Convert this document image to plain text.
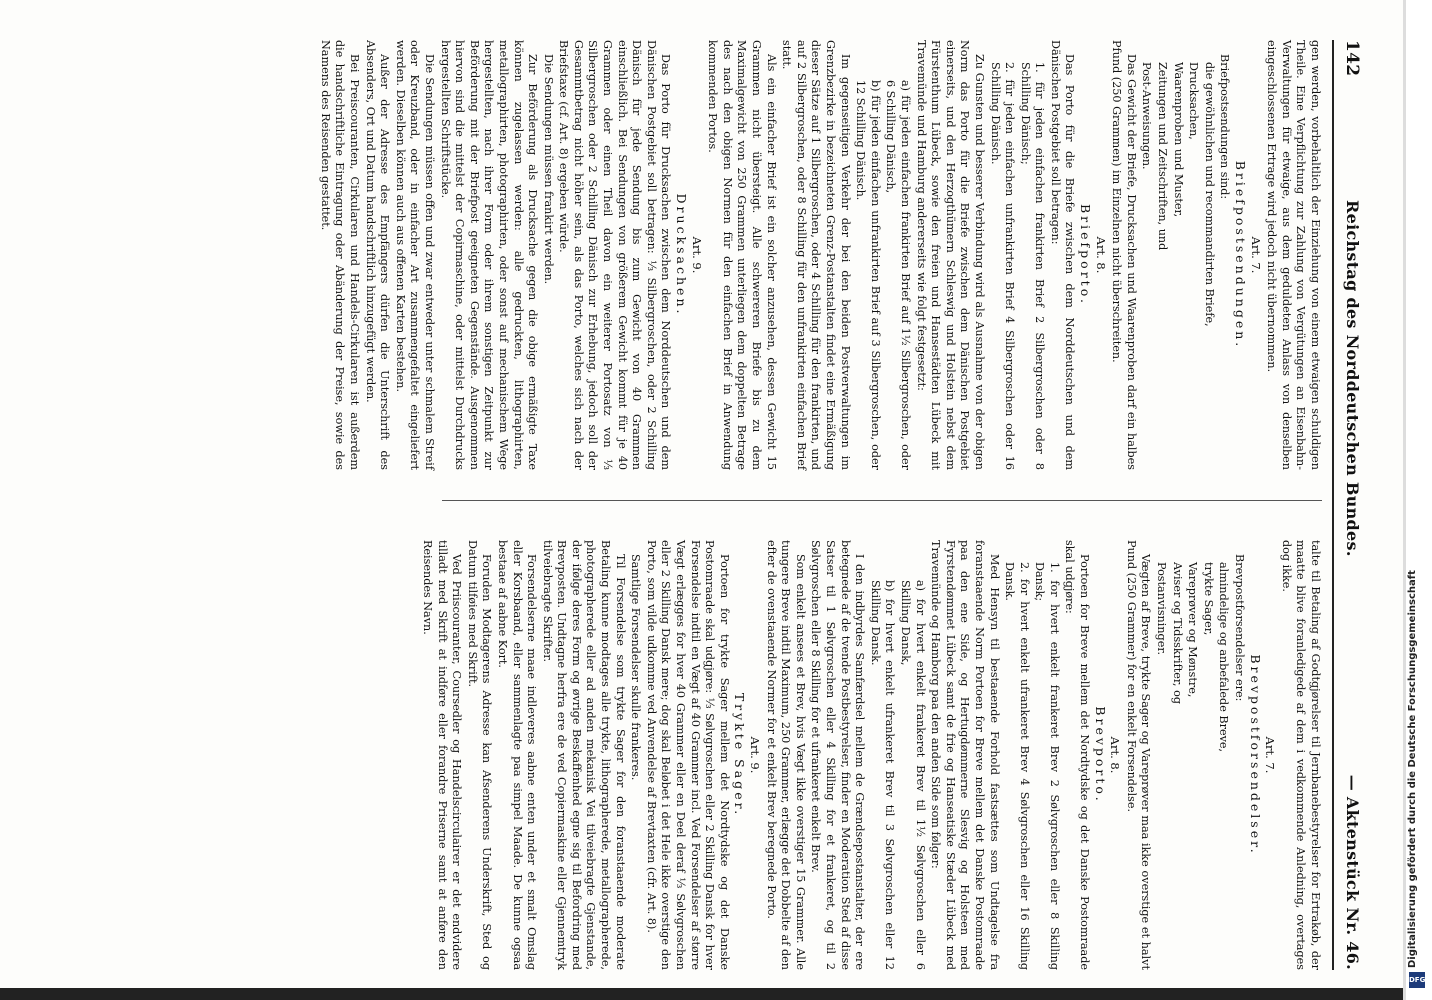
142
Reichstag des Norddeutschen Bundes.
— Aktenstück Nr. 46.

gen werden, vorbehaltlich der Einziehung von einem etwaigen schuldigen Theile. Eine Verpflichtung zur Zahlung von Vergütungen an Eisenbahn-Verwaltungen für etwaige, aus dem geduldeten Anlass von denselben eingeschlossenen Ertrage wird jedoch nicht übernommen.

Art. 7.

Briefpostsendungen.

Briefpostsendungen sind:

die gewöhnlichen und recommandirten Briefe,

Drucksachen,

Waarenproben und Muster,

Zeitungen und Zeitschriften, und

Post-Anweisungen.

Das Gewicht der Briefe, Drucksachen und Waarenproben darf ein halbes Pfund (250 Grammen) im Einzelnen nicht überschreiten.

Art. 8.

Briefporto.

Das Porto für die Briefe zwischen dem Norddeutschen und dem Dänischen Postgebiet soll betragen:

1. für jeden einfachen frankirten Brief 2 Silbergroschen oder 8 Schilling Dänisch;

2. für jeden einfachen unfrankirten Brief 4 Silbergroschen oder 16 Schilling Dänisch.

Zu Gunsten und besserer Verbindung wird als Ausnahme von der obigen Norm das Porto für die Briefe zwischen dem Dänischen Postgebiet einerseits, und den Herzogthümern Schleswig und Holstein nebst dem Fürstenthum Lübeck, sowie den freien und Hansestädten Lübeck mit Travemünde und Hamburg andererseits wie folgt festgesetzt:

a) für jeden einfachen frankirten Brief auf 1½ Silbergroschen, oder 6 Schilling Dänisch,

b) für jeden einfachen unfrankirten Brief auf 3 Silbergroschen, oder 12 Schilling Dänisch.

Im gegenseitigen Verkehr der bei den beiden Postverwaltungen im Grenzbezirke in bezeichneten Grenz-Postanstalten findet eine Ermäßigung dieser Sätze auf 1 Silbergroschen, oder 4 Schilling für den frankirten, und auf 2 Silbergroschen, oder 8 Schilling für den unfrankirten einfachen Brief statt.

Als ein einfacher Brief ist ein solcher anzusehen, dessen Gewicht 15 Grammen nicht übersteigt. Alle schwereren Briefe bis zu dem Maximalgewicht von 250 Grammen unterliegen dem doppelten Betrage des nach den obigen Normen für den einfachen Brief in Anwendung kommenden Portos.

Art. 9.

Drucksachen.

Das Porto für Drucksachen zwischen dem Norddeutschen und dem Dänischen Postgebiet soll betragen: ⅓ Silbergroschen, oder 2 Schilling Dänisch für jede Sendung bis zum Gewicht von 40 Grammen einschließlich. Bei Sendungen von größerem Gewicht kommt für je 40 Grammen oder einen Theil davon ein weiterer Portosatz von ⅓ Silbergroschen oder 2 Schilling Dänisch zur Erhebung, jedoch soll der Gesammtbetrag nicht höher sein, als das Porto, welches sich nach der Briefstaxe (cf. Art. 8) ergeben würde.

Die Sendungen müssen frankirt werden.

Zur Beförderung als Drucksache gegen die obige ermäßigte Taxe können zugelassen werden: alle gedruckten, lithographirten, metallographirten, photographirten, oder sonst auf mechanischem Wege hergestellten, nach ihrer Form oder ihrem sonstigen Zeitpunkt zur Beförderung mit der Briefpost geeigneten Gegenstände. Ausgenommen hiervon sind die mittelst der Copirmaschine, oder mittelst Durchdrucks hergestellten Schriftstücke.

Die Sendungen müssen offen und zwar entweder unter schmalem Streif oder Kreuzband, oder in einfacher Art zusammengefaltet eingeliefert werden. Dieselben können auch aus offenen Karten bestehen.

Außer der Adresse des Empfängers dürfen die Unterschrift des Absenders, Ort und Datum handschriftlich hinzugefügt werden.

Bei Preiscouranten, Cirkularen und Handels-Cirkularen ist außerdem die handschriftliche Eintragung oder Abänderung der Preise, sowie des Namens des Reisenden gestattet.

talte til Betaling af Godtgjørelser til Jernbanebestyrelser for Ertrakøb, der maatte blive foranledigede af dem i vedkommende Anledning, overtages dog ikke.

Art. 7.

Brevpostforsendelser.

Brevpostforsendelser ere:

almindelige og anbefalede Breve,

trykte Sager,

Vareprøver og Mønstre,

Aviser og Tidsskrifter, og

Postanvisninger.

Vægten af Breve, trykte Sager og Vareprøver maa ikke overstige et halvt Pund (250 Grammer) for en enkelt Forsendelse.

Art. 8.

Brevporto.

Portoen for Breve mellem det Nordtydske og det Danske Postomraade skal udgjøre:

1. for hvert enkelt frankeret Brev 2 Sølvgroschen eller 8 Skilling Dansk;

2. for hvert enkelt ufrankeret Brev 4 Sølvgroschen eller 16 Skilling Dansk.

Med Hensyn til bestaaende Forhold fastsættes som Undtagelse fra foranstaaende Norm Portoen for Breve mellem det Danske Postomraade paa den ene Side, og Hertugdømmerne Slesvig og Holsteen med Fyrstendømmet Lübeck samt de frie og Hanseatiske Stæder Lübeck med Travemünde og Hamborg paa den anden Side som følger:

a) for hvert enkelt frankeret Brev til 1½ Sølvgroschen eller 6 Skilling Dansk,

b) for hvert enkelt ufrankeret Brev til 3 Sølvgroschen eller 12 Skilling Dansk.

I den indbyrdes Samfærdsel mellem de Grændsepostanstalter, der ere betegnede af de tvende Postbestyrelser, finder en Moderation Sted af disse Satser til 1 Sølvgroschen eller 4 Skilling for et frankeret, og til 2 Sølvgroschen eller 8 Skilling for et ufrankeret enkelt Brev.

Som enkelt ansees et Brev, hvis Vægt ikke overstiger 15 Grammer. Alle tungere Breve indtil Maximum, 250 Grammer, erlægge det Dobbelte af den efter de ovenstaaende Normer for et enkelt Brev beregnede Porto.

Art. 9.

Trykte Sager.

Portoen for trykte Sager mellem det Nordtydske og det Danske Postomraade skal udgjøre: ⅓ Sølvgroschen eller 2 Skilling Dansk for hver Forsendelse indtil en Vægt af 40 Grammer incl. Ved Forsendelser af større Vægt erlægges for hver 40 Grammer eller en Deel deraf ⅓ Sølvgroschen eller 2 Skilling Dansk mere; dog skal Beløbet i det Hele ikke overstige den Porto, som vilde udkomme ved Anvendelse af Brevtaxten (cfr. Art. 8).

Samtlige Forsendelser skulle frankeres.

Til Forsendelse som trykte Sager for den foranstaaende moderate Betaling kunne modtages alle trykte, lithographerede, metallographerede, photographerede eller ad anden mekanisk Vei tilveiebragte Gjenstande, der ifølge deres Form og øvrige Beskaffenhed egne sig til Befordring med Brevposten. Undtagne herfra ere de ved Copiermaskine eller Gjennemtryk tilveiebragte Skrifter.

Forsendelserne maae indleveres aabne enten under et smalt Omslag eller Korsbaand, eller sammenlagte paa simpel Maade. De kunne ogsaa bestaae af aabne Kort.

Foruden Modtagerens Adresse kan Afsenderens Underskrift, Sted og Datum tilføies med Skrift.

Ved Priiscouranter, Coursedler og Handelscirculairer er det endvidere tilladt med Skrift at indføre eller forandre Priserne samt at anføre den Reisendes Navn.	Digitalisierung gefördert durch die Deutsche Forschungsgemeinschaft
DFG
